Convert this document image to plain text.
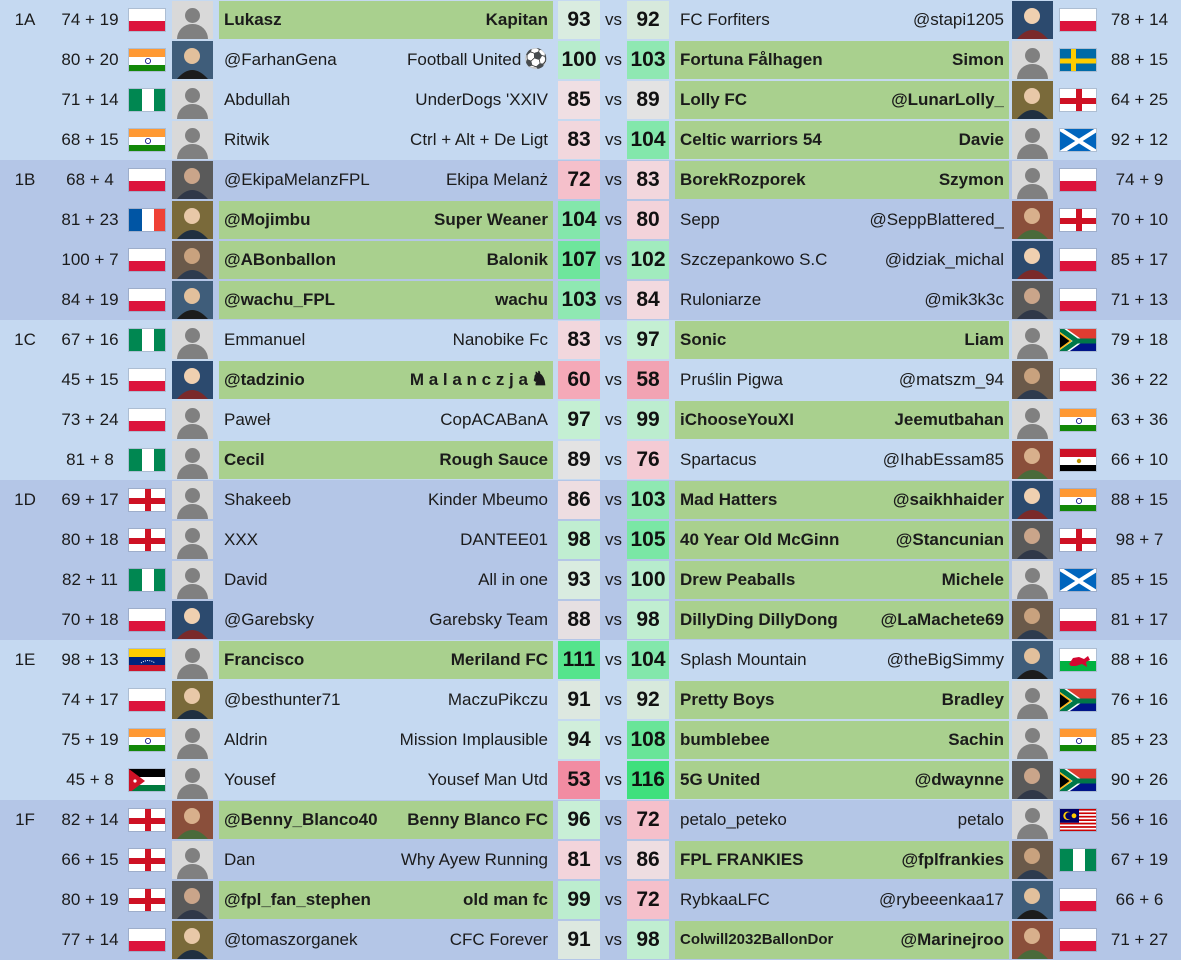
1A	74 + 19	Lukasz	Kapitan 93 vs 92	FC Forfiters	@stapi1205	78 + 14
80 + 20	@FarhanGena	Football United ⚽ 100 vs 103 Fortuna Fålhagen	Simon	88 + 15
71 + 14	Abdullah	UnderDogs 'XXIV 85 vs 89	Lolly FC	@LunarLolly_	64 + 25
68 + 15	Ritwik	Ctrl + Alt + De Ligt 83 vs 104 Celtic warriors 54	Davie	92 + 12
1B	68 + 4	@EkipaMelanzFPL	Ekipa Melanż 72 vs 83	BorekRozporek	Szymon	74 + 9
81 + 23	@Mojimbu	Super Weaner 104 vs 80	Sepp	@SeppBlattered_	70 + 10
100 + 7	@ABonballon	Balonik 107 vs 102 Szczepankowo S.C	@idziak_michal	85 + 17
84 + 19	@wachu_FPL	wachu 103 vs 84	Ruloniarze	@mik3k3c	71 + 13
1C	67 + 16	Emmanuel	Nanobike Fc 83 vs 97	Sonic	Liam	79 + 18
45 + 15	@tadzinio	M a l a n c z j a ♞ 60 vs 58	Pruślin Pigwa	@matszm_94	36 + 22
73 + 24	Paweł	CopACABanA 97 vs 99	iChooseYouXI	Jeemutbahan	63 + 36
81 + 8	Cecil	Rough Sauce 89 vs 76	Spartacus	@IhabEssam85	66 + 10
1D	69 + 17	Shakeeb	Kinder Mbeumo 86 vs 103 Mad Hatters	@saikhhaider	88 + 15
80 + 18	XXX	DANTEE01 98 vs 105 40 Year Old McGinn	@Stancunian	98 + 7
82 + 11	David	All in one 93 vs 100 Drew Peaballs	Michele	85 + 15
70 + 18	@Garebsky	Garebsky Team 88 vs 98	DillyDing DillyDong	@LaMachete69	81 + 17
1E	98 + 13	Francisco	Meriland FC 111 vs 104 Splash Mountain	@theBigSimmy	88 + 16
74 + 17	@besthunter71	MaczuPikczu 91 vs 92	Pretty Boys	Bradley	76 + 16
75 + 19	Aldrin	Mission Implausible 94 vs 108 bumblebee	Sachin	85 + 23
45 + 8	Yousef	Yousef Man Utd 53 vs 116 5G United	@dwaynne	90 + 26
1F	82 + 14	@Benny_Blanco40	Benny Blanco FC 96 vs 72	petalo_peteko	petalo	56 + 16
66 + 15	Dan	Why Ayew Running 81 vs 86	FPL FRANKIES	@fplfrankies	67 + 19
80 + 19	@fpl_fan_stephen	old man fc 99 vs 72	RybkaaLFC	@rybeeenkaa17	66 + 6
77 + 14	@tomaszorganek	CFC Forever 91 vs 98	Colwill2032BallonDor	@Marinejroo	71 + 27
